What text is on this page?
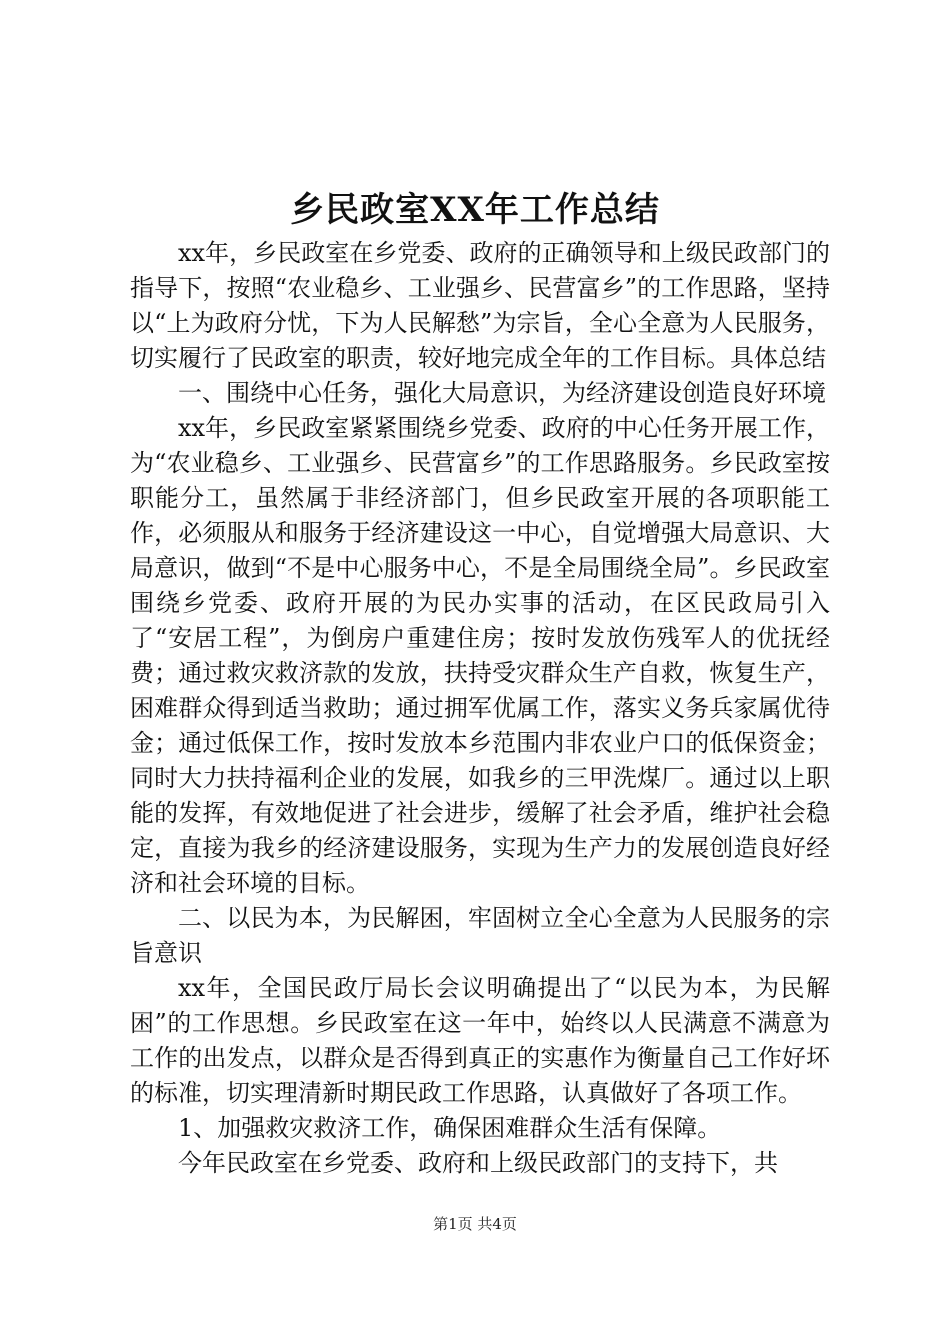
乡民政室XX年工作总结

xx年，乡民政室在乡党委、政府的正确领导和上级民政部门的指导下，按照“农业稳乡、工业强乡、民营富乡”的工作思路，坚持以“上为政府分忧，下为人民解愁”为宗旨，全心全意为人民服务，切实履行了民政室的职责，较好地完成全年的工作目标。具体总结

一、围绕中心任务，强化大局意识，为经济建设创造良好环境

xx年，乡民政室紧紧围绕乡党委、政府的中心任务开展工作，为“农业稳乡、工业强乡、民营富乡”的工作思路服务。乡民政室按职能分工，虽然属于非经济部门，但乡民政室开展的各项职能工作，必须服从和服务于经济建设这一中心，自觉增强大局意识、大局意识，做到“不是中心服务中心，不是全局围绕全局”。乡民政室围绕乡党委、政府开展的为民办实事的活动，在区民政局引入了“安居工程”，为倒房户重建住房；按时发放伤残军人的优抚经费；通过救灾救济款的发放，扶持受灾群众生产自救，恢复生产，困难群众得到适当救助；通过拥军优属工作，落实义务兵家属优待金；通过低保工作，按时发放本乡范围内非农业户口的低保资金；同时大力扶持福利企业的发展，如我乡的三甲洗煤厂。通过以上职能的发挥，有效地促进了社会进步，缓解了社会矛盾，维护社会稳定，直接为我乡的经济建设服务，实现为生产力的发展创造良好经济和社会环境的目标。

二、以民为本，为民解困，牢固树立全心全意为人民服务的宗旨意识

xx年，全国民政厅局长会议明确提出了“以民为本，为民解困”的工作思想。乡民政室在这一年中，始终以人民满意不满意为工作的出发点，以群众是否得到真正的实惠作为衡量自己工作好坏的标准，切实理清新时期民政工作思路，认真做好了各项工作。

1、加强救灾救济工作，确保困难群众生活有保障。

今年民政室在乡党委、政府和上级民政部门的支持下，共

第1页 共4页
